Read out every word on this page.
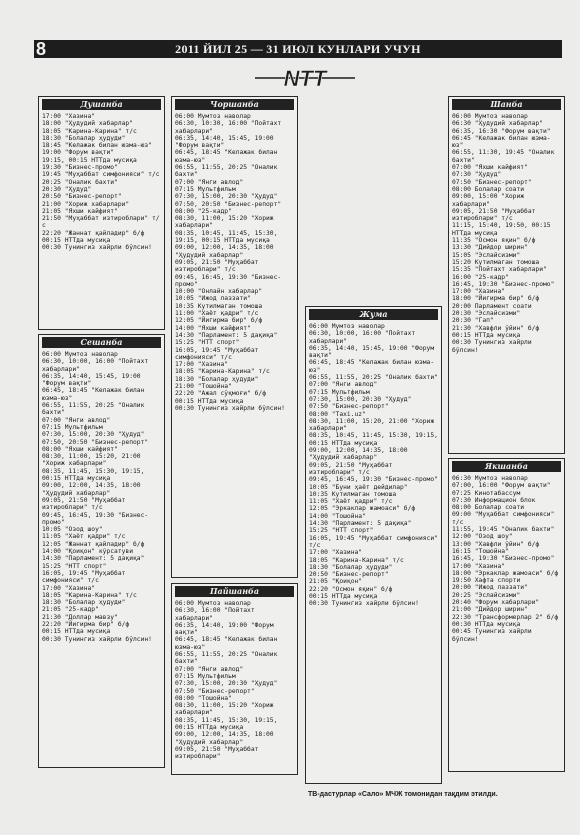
2011 ЙИЛ 25 — 31 ИЮЛ КУНЛАРИ УЧУН
8
NTT
Душанба
17:00 "Хазина"
18:00 "Ҳудудий хабарлар"
18:05 "Карина-Карина" т/с
18:30 "Болалар ҳудуди"
18:45 "Келажак билан юзма-юз"
19:00 "Форум вақти"
19:15, 00:15 НТТда мусиқа
19:30 "Бизнес-промо"
19:45 "Муҳаббат симфонияси" т/с
20:25 "Оналик бахти"
20:30 "Ҳудуд"
20:50 "Бизнес-репорт"
21:00 "Хориж хабарлари"
21:05 "Яхши кайфият"
21:50 "Муҳаббат изтироблари" т/с
22:20 "Жаннат қайладир" б/ф
00:15 НТТда мусиқа
00:30 Тунингиз хайрли бўлсин!
Сешанба
06:00 Мумтоз наволар
06:30, 10:00, 16:00 "Пойтахт хабарлари"
06:35, 14:40, 15:45, 19:00 "Форум вақти"
06:45, 18:45 "Келажак билан юзма-юз"
06:55, 11:55, 20:25 "Оналик бахти"
07:00 "Янги авлод"
07:15 Мультфильм
07:30, 15:00, 20:30 "Ҳудуд"
07:50, 20:50 "Бизнес-репорт"
08:00 "Яхши кайфият"
08:30, 11:00, 15:20, 21:00 "Хориж хабарлари"
08:35, 11:45, 15:30, 19:15, 00:15 НТТда мусиқа
09:00, 12:00, 14:35, 18:00 "Ҳудудий хабарлар"
09:05, 21:50 "Муҳаббат изтироблари" т/с
09:45, 16:45, 19:30 "Бизнес-промо"
10:05 "Озод шоу"
11:05 "Хаёт қадри" т/с
12:05 "Жаннат қайладир" б/ф
14:00 "Қоиқон" кўрсатуви
14:30 "Парламент: 5 дақиқа"
15:25 "НТТ спорт"
16:05, 19:45 "Муҳаббат симфонияси" т/с
17:00 "Хазина"
18:05 "Карина-Карина" т/с
18:30 "Болалар ҳудуди"
21:05 "25-кадр"
21:30 "Доллар мавзу"
22:20 "Йигирма бир" б/ф
00:15 НТТда мусиқа
00:30 Тунингиз хайрли бўлсин!
Чоршанба
06:00 Мумтоз наволар
06:30, 10:30, 16:00 "Пойтахт хабарлари"
06:35, 14:40, 15:45, 19:00 "Форум вақти"
06:45, 18:45 "Келажак билан юзма-юз"
06:55, 11:55, 20:25 "Оналик бахти"
07:00 "Янги авлод"
07:15 Мультфильм
07:30, 15:00, 20:30 "Ҳудуд"
07:50, 20:50 "Бизнес-репорт"
08:00 "25-кадр"
08:30, 11:00, 15:20 "Хориж хабарлари"
08:35, 10:45, 11:45, 15:30, 19:15, 00:15 НТТда мусиқа
09:00, 12:00, 14:35, 18:00 "Ҳудудий хабарлар"
09:05, 21:50 "Муҳаббат изтироблари" т/с
09:45, 16:45, 19:30 "Бизнес-промо"
10:00 "Онлайн хабарлар"
10:05 "Ижод лаззати"
10:35 Кутилмаган томоша
11:00 "Хаёт қадри" т/с
12:05 "Йигирма бир" б/ф
14:00 "Яхши кайфият"
14:30 "Парламент: 5 дақиқа"
15:25 "НТТ спорт"
16:05, 19:45 "Муҳаббат симфонияси" т/с
17:00 "Хазина"
18:05 "Карина-Карина" т/с
18:30 "Болалар ҳудуди"
21:00 "Тошойна"
22:20 "Ажал сўқмоғи" б/ф
00:15 НТТда мусиқа
00:30 Тунингиз хайрли бўлсин!
Пайшанба
06:00 Мумтоз наволар
06:30, 16:00 "Пойтахт хабарлари"
06:35, 14:40, 19:00 "Форум вақти"
06:45, 18:45 "Келажак билан юзма-юз"
06:55, 11:55, 20:25 "Оналик бахти"
07:00 "Янги авлод"
07:15 Мультфильм
07:30, 15:00, 20:30 "Ҳудуд"
07:50 "Бизнес-репорт"
08:00 "Тошойна"
08:30, 11:00, 15:20 "Хориж хабарлари"
08:35, 11:45, 15:30, 19:15, 00:15 НТТда мусиқа
09:00, 12:00, 14:35, 18:00 "Ҳудудий хабарлар"
09:05, 21:50 "Муҳаббат изтироблари"
Жума
06:00 Мумтоз наволар
06:30, 10:00, 16:00 "Пойтахт хабарлари"
06:35, 14:40, 15:45, 19:00 "Форум вақти"
06:45, 18:45 "Келажак билан юзма-юз"
06:55, 11:55, 20:25 "Оналик бахти"
07:00 "Янги авлод"
07:15 Мультфильм
07:30, 15:00, 20:30 "Ҳудуд"
07:50 "Бизнес-репорт"
08:00 "Taxi.uz"
08:30, 11:00, 15:20, 21:00 "Хориж хабарлари"
08:35, 10:45, 11:45, 15:30, 19:15, 00:15 НТТда мусиқа
09:00, 12:00, 14:35, 18:00 "Ҳудудий хабарлар"
09:05, 21:50 "Муҳаббат изтироблари" т/с
09:45, 16:45, 19:30 "Бизнес-промо"
10:05 "Буни ҳаёт дейдилар"
10:35 Кутилмаган томоша
11:05 "Хаёт қадри" т/с
12:05 "Эркаклар жамоаси" б/ф
14:00 "Тошойна"
14:30 "Парламент: 5 дақиқа"
15:25 "НТТ спорт"
16:05, 19:45 "Муҳаббат симфонияси" т/с
17:00 "Хазина"
18:05 "Карина-Карина" т/с
18:30 "Болалар ҳудуди"
20:50 "Бизнес-репорт"
21:05 "Қоиқон"
22:20 "Осмон яқин" б/ф
00:15 НТТда мусиқа
00:30 Тунингиз хайрли бўлсин!
Шанба
06:00 Мумтоз наволар
06:30 "Ҳудудий хабарлар"
06:35, 16:30 "Форум вақти"
06:45 "Келажак билан юзма-юз"
06:55, 11:30, 19:45 "Оналик бахти"
07:00 "Яхши кайфият"
07:30 "Ҳудуд"
07:50 "Бизнес-репорт"
08:00 Болалар соати
09:00, 15:00 "Хориж хабарлари"
09:05, 21:50 "Муҳаббат изтироблари" т/с
11:15, 15:40, 19:50, 00:15 НТТда мусиқа
11:35 "Осмон яқин" б/ф
13:30 "Дийдор ширин"
15:05 "Эслайсизми"
15:20 Кутилмаган томоша
15:35 "Пойтахт хабарлари"
16:00 "25-кадр"
16:45, 19:30 "Бизнес-промо"
17:00 "Хазина"
18:00 "Йигирма бир" б/ф
20:00 Парламент соати
20:30 "Эслайсизми"
20:30 "Гап"
21:30 "Хавфли ўйин" б/ф
00:15 НТТда мусиқа
00:30 Тунингиз хайрли бўлсин!
Якшанба
06:30 Мумтоз наволар
07:00, 16:00 "Форум вақти"
07:25 Кинотабассум
07:30 Информацион блок
08:00 Болалар соати
09:00 "Муҳаббат симфонияси" т/с
11:55, 19:45 "Оналик бахти"
12:00 "Озод шоу"
13:00 "Хавфли ўйин" б/ф
16:15 "Тошойна"
16:45, 19:30 "Бизнес-промо"
17:00 "Хазина"
18:00 "Эркаклар жамоаси" б/ф
19:50 Хафта спорти
20:00 "Ижод лаззати"
20:25 "Эслайсизми"
20:40 "Форум хабарлари"
21:00 "Дийдор ширин"
22:30 "Трансформерлар 2" б/ф
00:30 НТТда мусиқа
00:45 Тунингиз хайрли бўлсин!
ТВ-дастурлар «Сало» МЧЖ томонидан тақдим этилди.
